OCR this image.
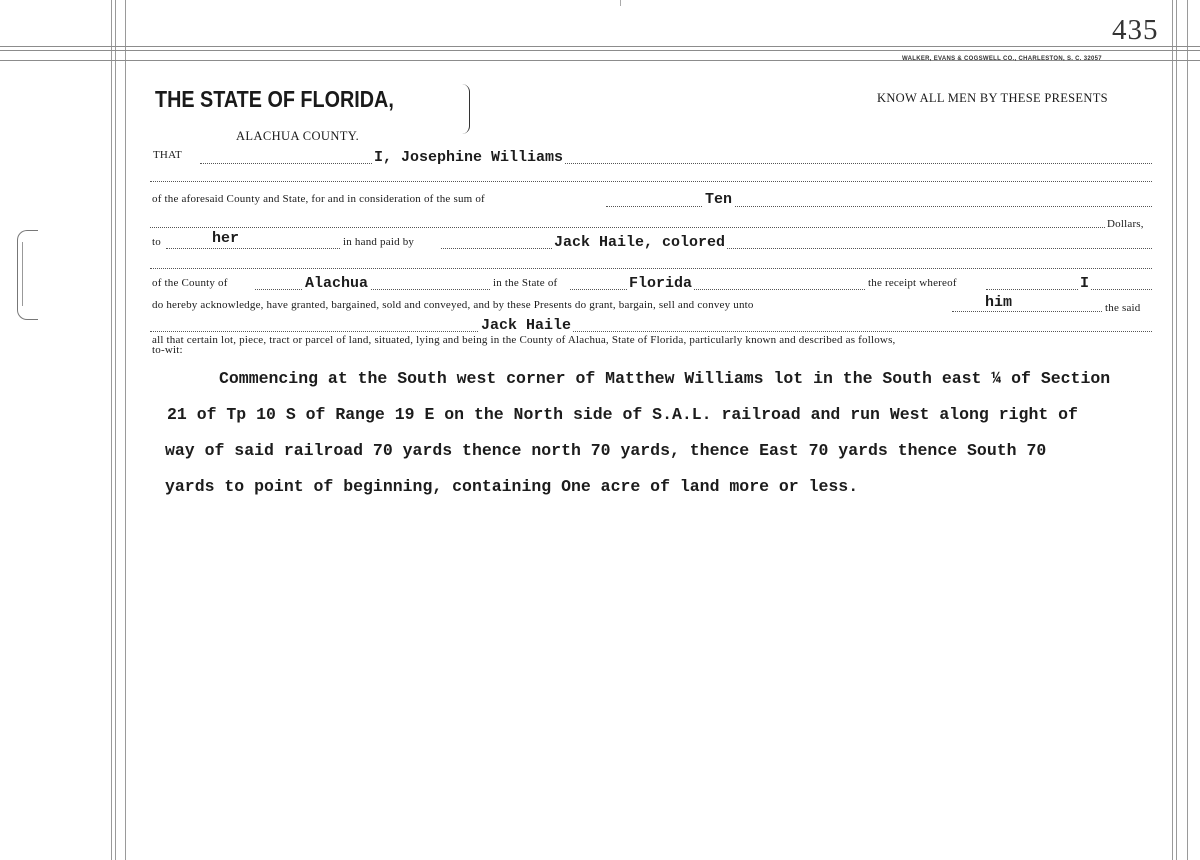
435
WALKER, EVANS & COGSWELL CO., CHARLESTON, S. C. 32057
THE STATE OF FLORIDA,
ALACHUA COUNTY.
KNOW ALL MEN BY THESE PRESENTS
THAT	I, Josephine Williams
of the aforesaid County and State, for and in consideration of the sum of	Ten
Dollars,
to	her	in hand paid by	Jack Haile, colored
of the County of	Alachua	in the State of	Florida	the receipt whereof	I
do hereby acknowledge, have granted, bargained, sold and conveyed, and by these Presents do grant, bargain, sell and convey unto	him	the said
Jack Haile
all that certain lot, piece, tract or parcel of land, situated, lying and being in the County of Alachua, State of Florida, particularly known and described as follows,
to-wit:
Commencing at the South west corner of Matthew Williams lot in the South east ¼ of Section
21 of Tp 10 S of Range 19 E on the North side of S.A.L. railroad and run West along right of
way of said railroad 70 yards thence north 70 yards, thence East 70 yards thence South 70
yards to point of beginning, containing One acre of land more or less.
